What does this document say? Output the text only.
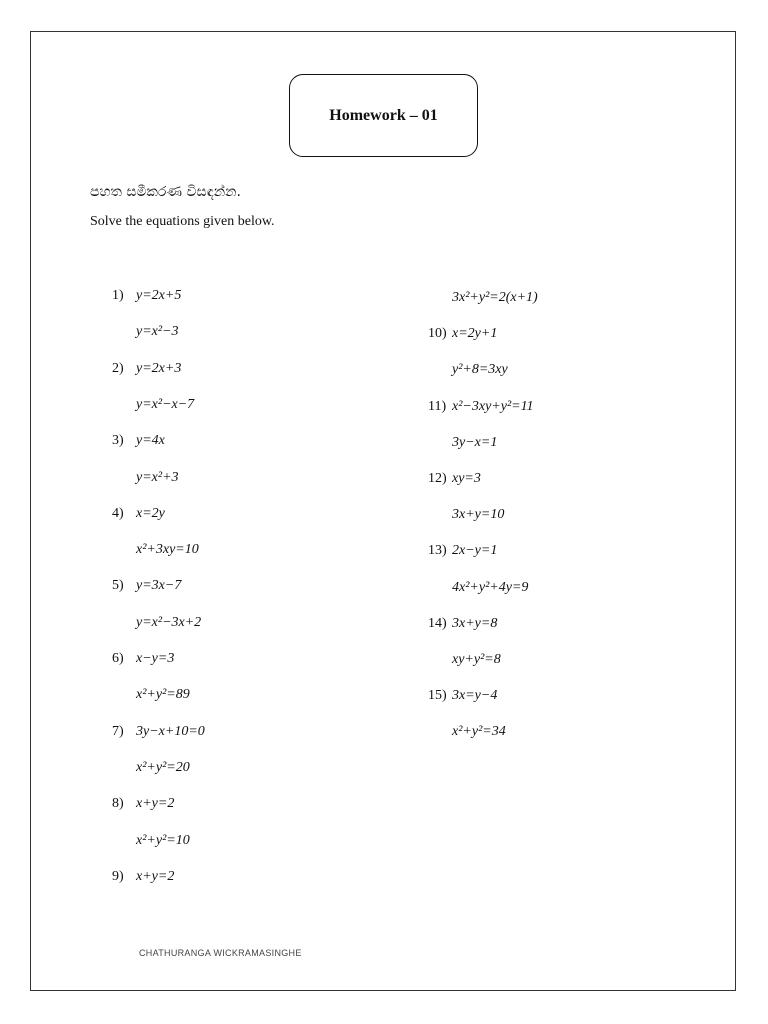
Homework – 01
පහත සමීකරණ විසඳන්න.
Solve the equations given below.
1) y=2x+5
y=x²−3
2) y=2x+3
y=x²−x−7
3) y=4x
y=x²+3
4) x=2y
x²+3xy=10
5) y=3x−7
y=x²−3x+2
6) x−y=3
x²+y²=89
7) 3y−x+10=0
x²+y²=20
8) x+y=2
x²+y²=10
9) x+y=2
3x²+y²=2(x+1)
10) x=2y+1
y²+8=3xy
11) x²−3xy+y²=11
3y−x=1
12) xy=3
3x+y=10
13) 2x−y=1
4x²+y²+4y=9
14) 3x+y=8
xy+y²=8
15) 3x=y−4
x²+y²=34
CHATHURANGA WICKRAMASINGHE
